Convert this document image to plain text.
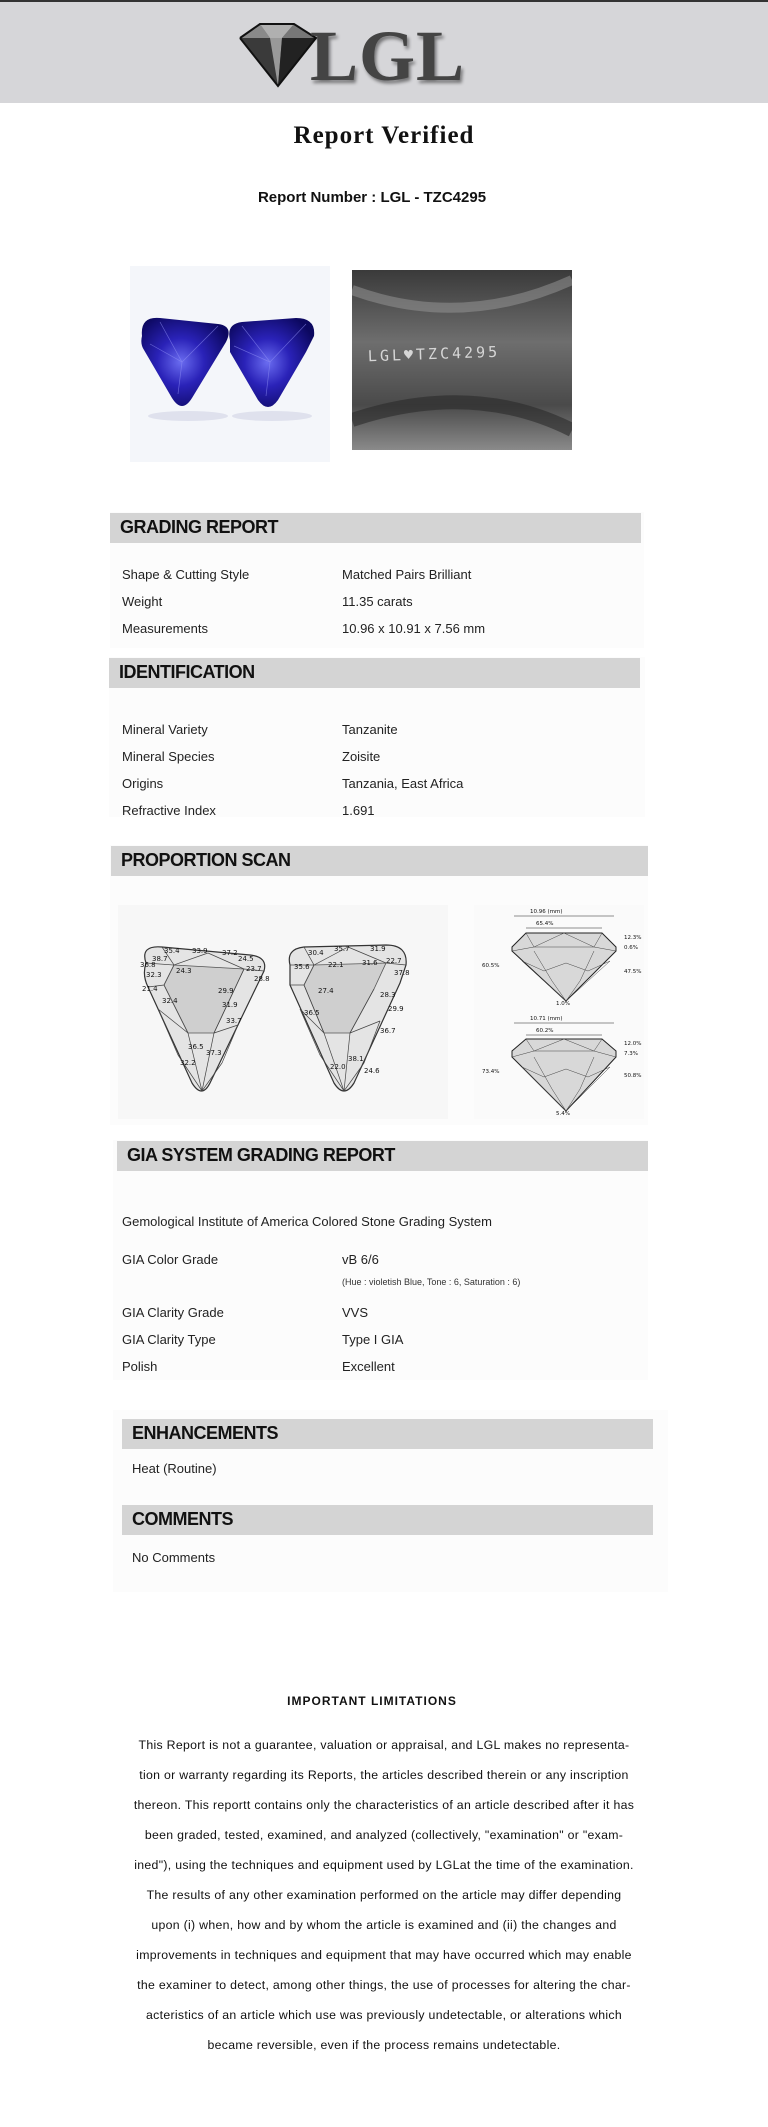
LGL
Report Verified
Report Number : LGL - TZC4295
LGL♥TZC4295
GRADING REPORT
Shape & Cutting Style	Matched Pairs Brilliant
Weight	11.35 carats
Measurements	10.96 x 10.91 x 7.56 mm
IDENTIFICATION
Mineral Variety	Tanzanite
Mineral Species	Zoisite
Origins	Tanzania, East Africa
Refractive Index	1.691
PROPORTION SCAN
36.8
38.7
35.4 33.9 37.2
24.5
23.7
28.8
24.3
32.3
21.4
32.4
29.9
31.9
33.7
37.3
36.5
32.2
35.6
30.4 35.7	31.9
22.7
37.8
22.1	31.6
27.4
36.5
28.3
29.9
36.7
38.1
22.0	24.6
10.96 (mm)
65.4%
12.3%
0.6%
47.5%
60.5%
1.0%
10.71 (mm)
60.2%
12.0%
7.3%
50.8%
73.4%
5.4%
GIA SYSTEM GRADING REPORT
Gemological Institute of America Colored Stone Grading System
GIA Color Grade	vB 6/6
(Hue : violetish Blue, Tone : 6, Saturation : 6)
GIA Clarity Grade	VVS
GIA Clarity Type	Type I GIA
Polish	Excellent
ENHANCEMENTS
Heat (Routine)
COMMENTS
No Comments
IMPORTANT LIMITATIONS
This Report is not a guarantee, valuation or appraisal, and LGL makes no representa-
tion or warranty regarding its Reports, the articles described therein or any inscription
thereon. This reportt contains only the characteristics of an article described after it has
been graded, tested, examined, and analyzed (collectively, "examination" or "exam-
ined"), using the techniques and equipment used by LGLat the time of the examination.
The results of any other examination performed on the article may differ depending
upon (i) when, how and by whom the article is examined and (ii) the changes and
improvements in techniques and equipment that may have occurred which may enable
the examiner to detect, among other things, the use of processes for altering the char-
acteristics of an article which use was previously undetectable, or alterations which
became reversible, even if the process remains undetectable.
